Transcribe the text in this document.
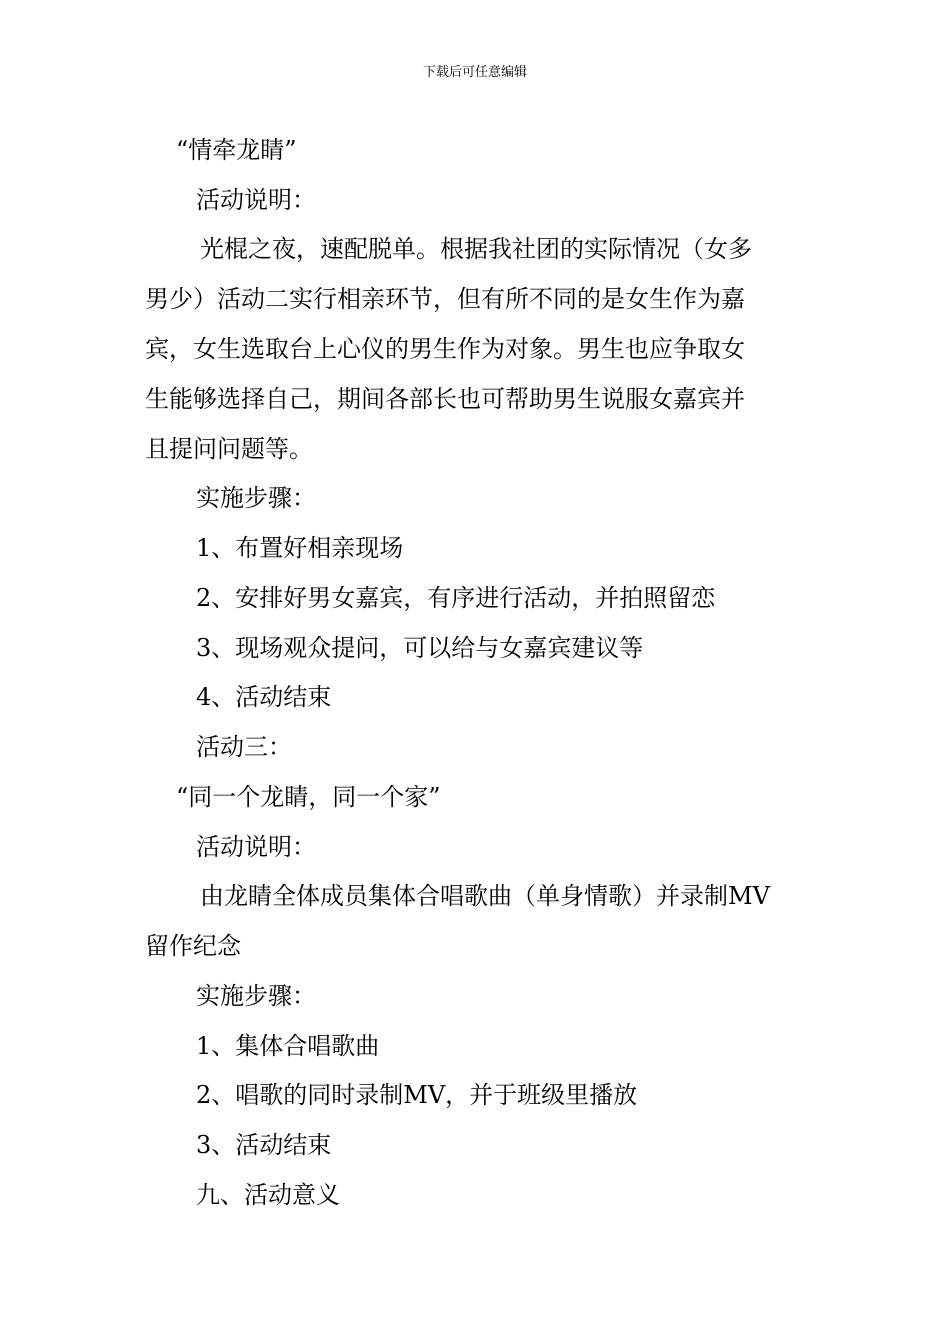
下载后可任意编辑
“情牵龙睛”
活动说明：
光棍之夜，速配脱单。根据我社团的实际情况（女多
男少）活动二实行相亲环节，但有所不同的是女生作为嘉
宾，女生选取台上心仪的男生作为对象。男生也应争取女
生能够选择自己，期间各部长也可帮助男生说服女嘉宾并
且提问问题等。
实施步骤：
1、布置好相亲现场
2、安排好男女嘉宾，有序进行活动，并拍照留恋
3、现场观众提问，可以给与女嘉宾建议等
4、活动结束
活动三：
“同一个龙睛，同一个家”
活动说明：
由龙睛全体成员集体合唱歌曲（单身情歌）并录制MV
留作纪念
实施步骤：
1、集体合唱歌曲
2、唱歌的同时录制MV，并于班级里播放
3、活动结束
九、活动意义
